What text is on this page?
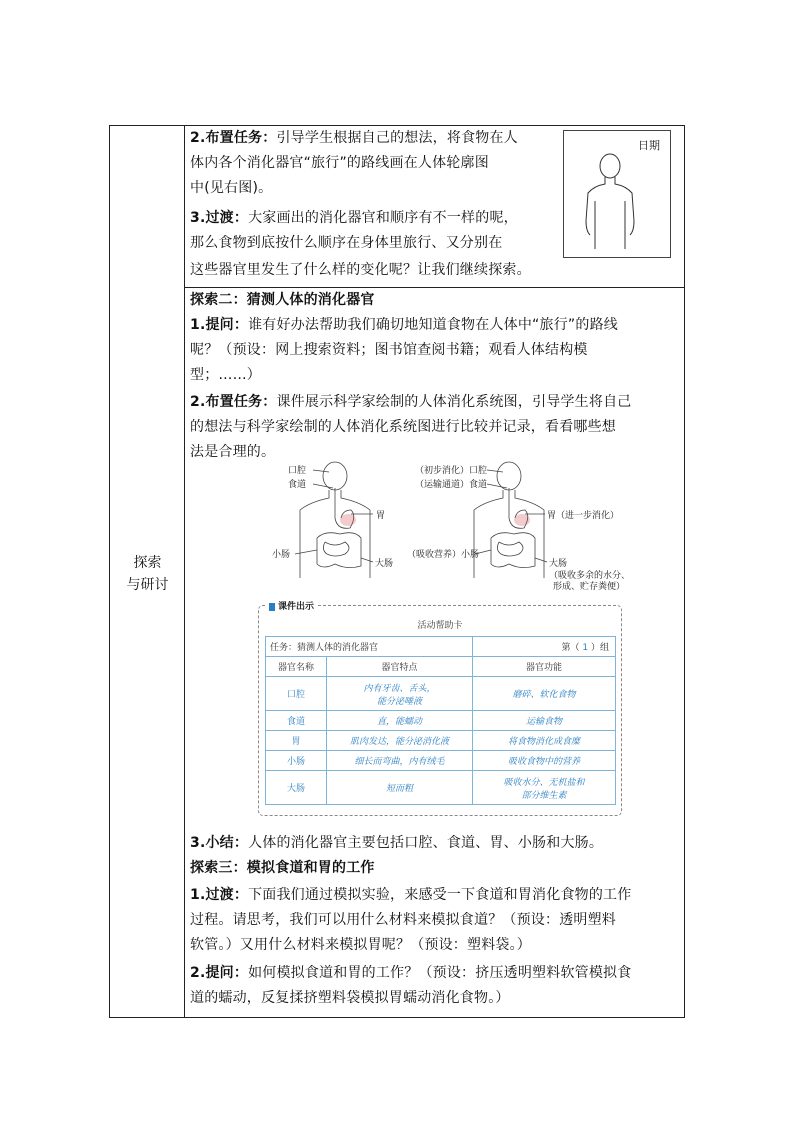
探索
与研讨
2.布置任务：引导学生根据自己的想法，将食物在人
体内各个消化器官“旅行”的路线画在人体轮廓图
中(见右图)。
3.过渡：大家画出的消化器官和顺序有不一样的呢，
那么食物到底按什么顺序在身体里旅行、又分别在
这些器官里发生了什么样的变化呢？让我们继续探索。
日期
探索二：猜测人体的消化器官
1.提问：谁有好办法帮助我们确切地知道食物在人体中“旅行”的路线
呢？（预设：网上搜索资料；图书馆查阅书籍；观看人体结构模
型；……）
2.布置任务：课件展示科学家绘制的人体消化系统图，引导学生将自己
的想法与科学家绘制的人体消化系统图进行比较并记录，看看哪些想
法是合理的。
口腔
食道
胃
小肠
大肠
（初步消化）口腔
（运输通道）食道
胃（进一步消化）
（吸收营养）小肠
大肠
（吸收多余的水分、
形成、贮存粪便）
课件出示
活动帮助卡
任务：猜测人体的消化器官		第（ 1 ）组
器官名称	器官特点	器官功能
口腔	内有牙齿、舌头，
能分泌唾液	磨碎、软化食物
食道	直，能蠕动	运输食物
胃	肌肉发达，能分泌消化液	将食物消化成食糜
小肠	细长而弯曲，内有绒毛	吸收食物中的营养
大肠	短而粗	吸收水分、无机盐和
部分维生素
3.小结：人体的消化器官主要包括口腔、食道、胃、小肠和大肠。
探索三：模拟食道和胃的工作
1.过渡：下面我们通过模拟实验，来感受一下食道和胃消化食物的工作
过程。请思考，我们可以用什么材料来模拟食道？（预设：透明塑料
软管。）又用什么材料来模拟胃呢？（预设：塑料袋。）
2.提问：如何模拟食道和胃的工作？（预设：挤压透明塑料软管模拟食
道的蠕动，反复揉挤塑料袋模拟胃蠕动消化食物。）
